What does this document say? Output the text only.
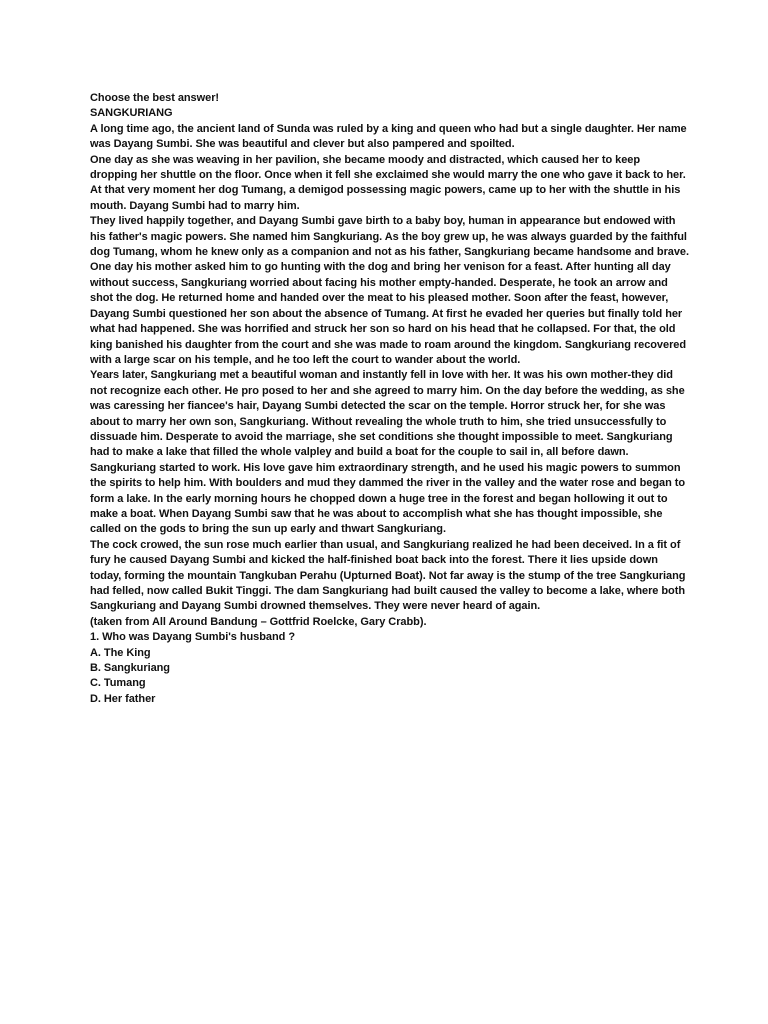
Choose the best answer!

SANGKURIANG

A long time ago, the ancient land of Sunda was ruled by a king and queen who had but a single daughter. Her name was Dayang Sumbi. She was beautiful and clever but also pampered and spoilted.

One day as she was weaving in her pavilion, she became moody and distracted, which caused her to keep dropping her shuttle on the floor. Once when it fell she exclaimed she would marry the one who gave it back to her. At that very moment her dog Tumang, a demigod possessing magic powers, came up to her with the shuttle in his mouth. Dayang Sumbi had to marry him.

They lived happily together, and Dayang Sumbi gave birth to a baby boy, human in appearance but endowed with his father's magic powers. She named him Sangkuriang. As the boy grew up, he was always guarded by the faithful dog Tumang, whom he knew only as a companion and not as his father, Sangkuriang became handsome and brave.

One day his mother asked him to go hunting with the dog and bring her venison for a feast. After hunting all day without success, Sangkuriang worried about facing his mother empty-handed. Desperate, he took an arrow and shot the dog. He returned home and handed over the meat to his pleased mother. Soon after the feast, however, Dayang Sumbi questioned her son about the absence of Tumang. At first he evaded her queries but finally told her what had happened. She was horrified and struck her son so hard on his head that he collapsed. For that, the old king banished his daughter from the court and she was made to roam around the kingdom. Sangkuriang recovered with a large scar on his temple, and he too left the court to wander about the world.

Years later, Sangkuriang met a beautiful woman and instantly fell in love with her. It was his own mother-they did not recognize each other. He pro posed to her and she agreed to marry him. On the day before the wedding, as she was caressing her fiancee's hair, Dayang Sumbi detected the scar on the temple. Horror struck her, for she was about to marry her own son, Sangkuriang. Without revealing the whole truth to him, she tried unsuccessfully to dissuade him. Desperate to avoid the marriage, she set conditions she thought impossible to meet. Sangkuriang had to make a lake that filled the whole valpley and build a boat for the couple to sail in, all before dawn.

Sangkuriang started to work. His love gave him extraordinary strength, and he used his magic powers to summon the spirits to help him. With boulders and mud they dammed the river in the valley and the water rose and began to form a lake. In the early morning hours he chopped down a huge tree in the forest and began hollowing it out to make a boat. When Dayang Sumbi saw that he was about to accomplish what she has thought impossible, she called on the gods to bring the sun up early and thwart Sangkuriang.

The cock crowed, the sun rose much earlier than usual, and Sangkuriang realized he had been deceived. In a fit of fury he caused Dayang Sumbi and kicked the half-finished boat back into the forest. There it lies upside down today, forming the mountain Tangkuban Perahu (Upturned Boat). Not far away is the stump of the tree Sangkuriang had felled, now called Bukit Tinggi. The dam Sangkuriang had built caused the valley to become a lake, where both Sangkuriang and Dayang Sumbi drowned themselves. They were never heard of again.

(taken from All Around Bandung – Gottfrid Roelcke, Gary Crabb).

1. Who was Dayang Sumbi's husband ?

A. The King
B. Sangkuriang
C. Tumang
D. Her father
